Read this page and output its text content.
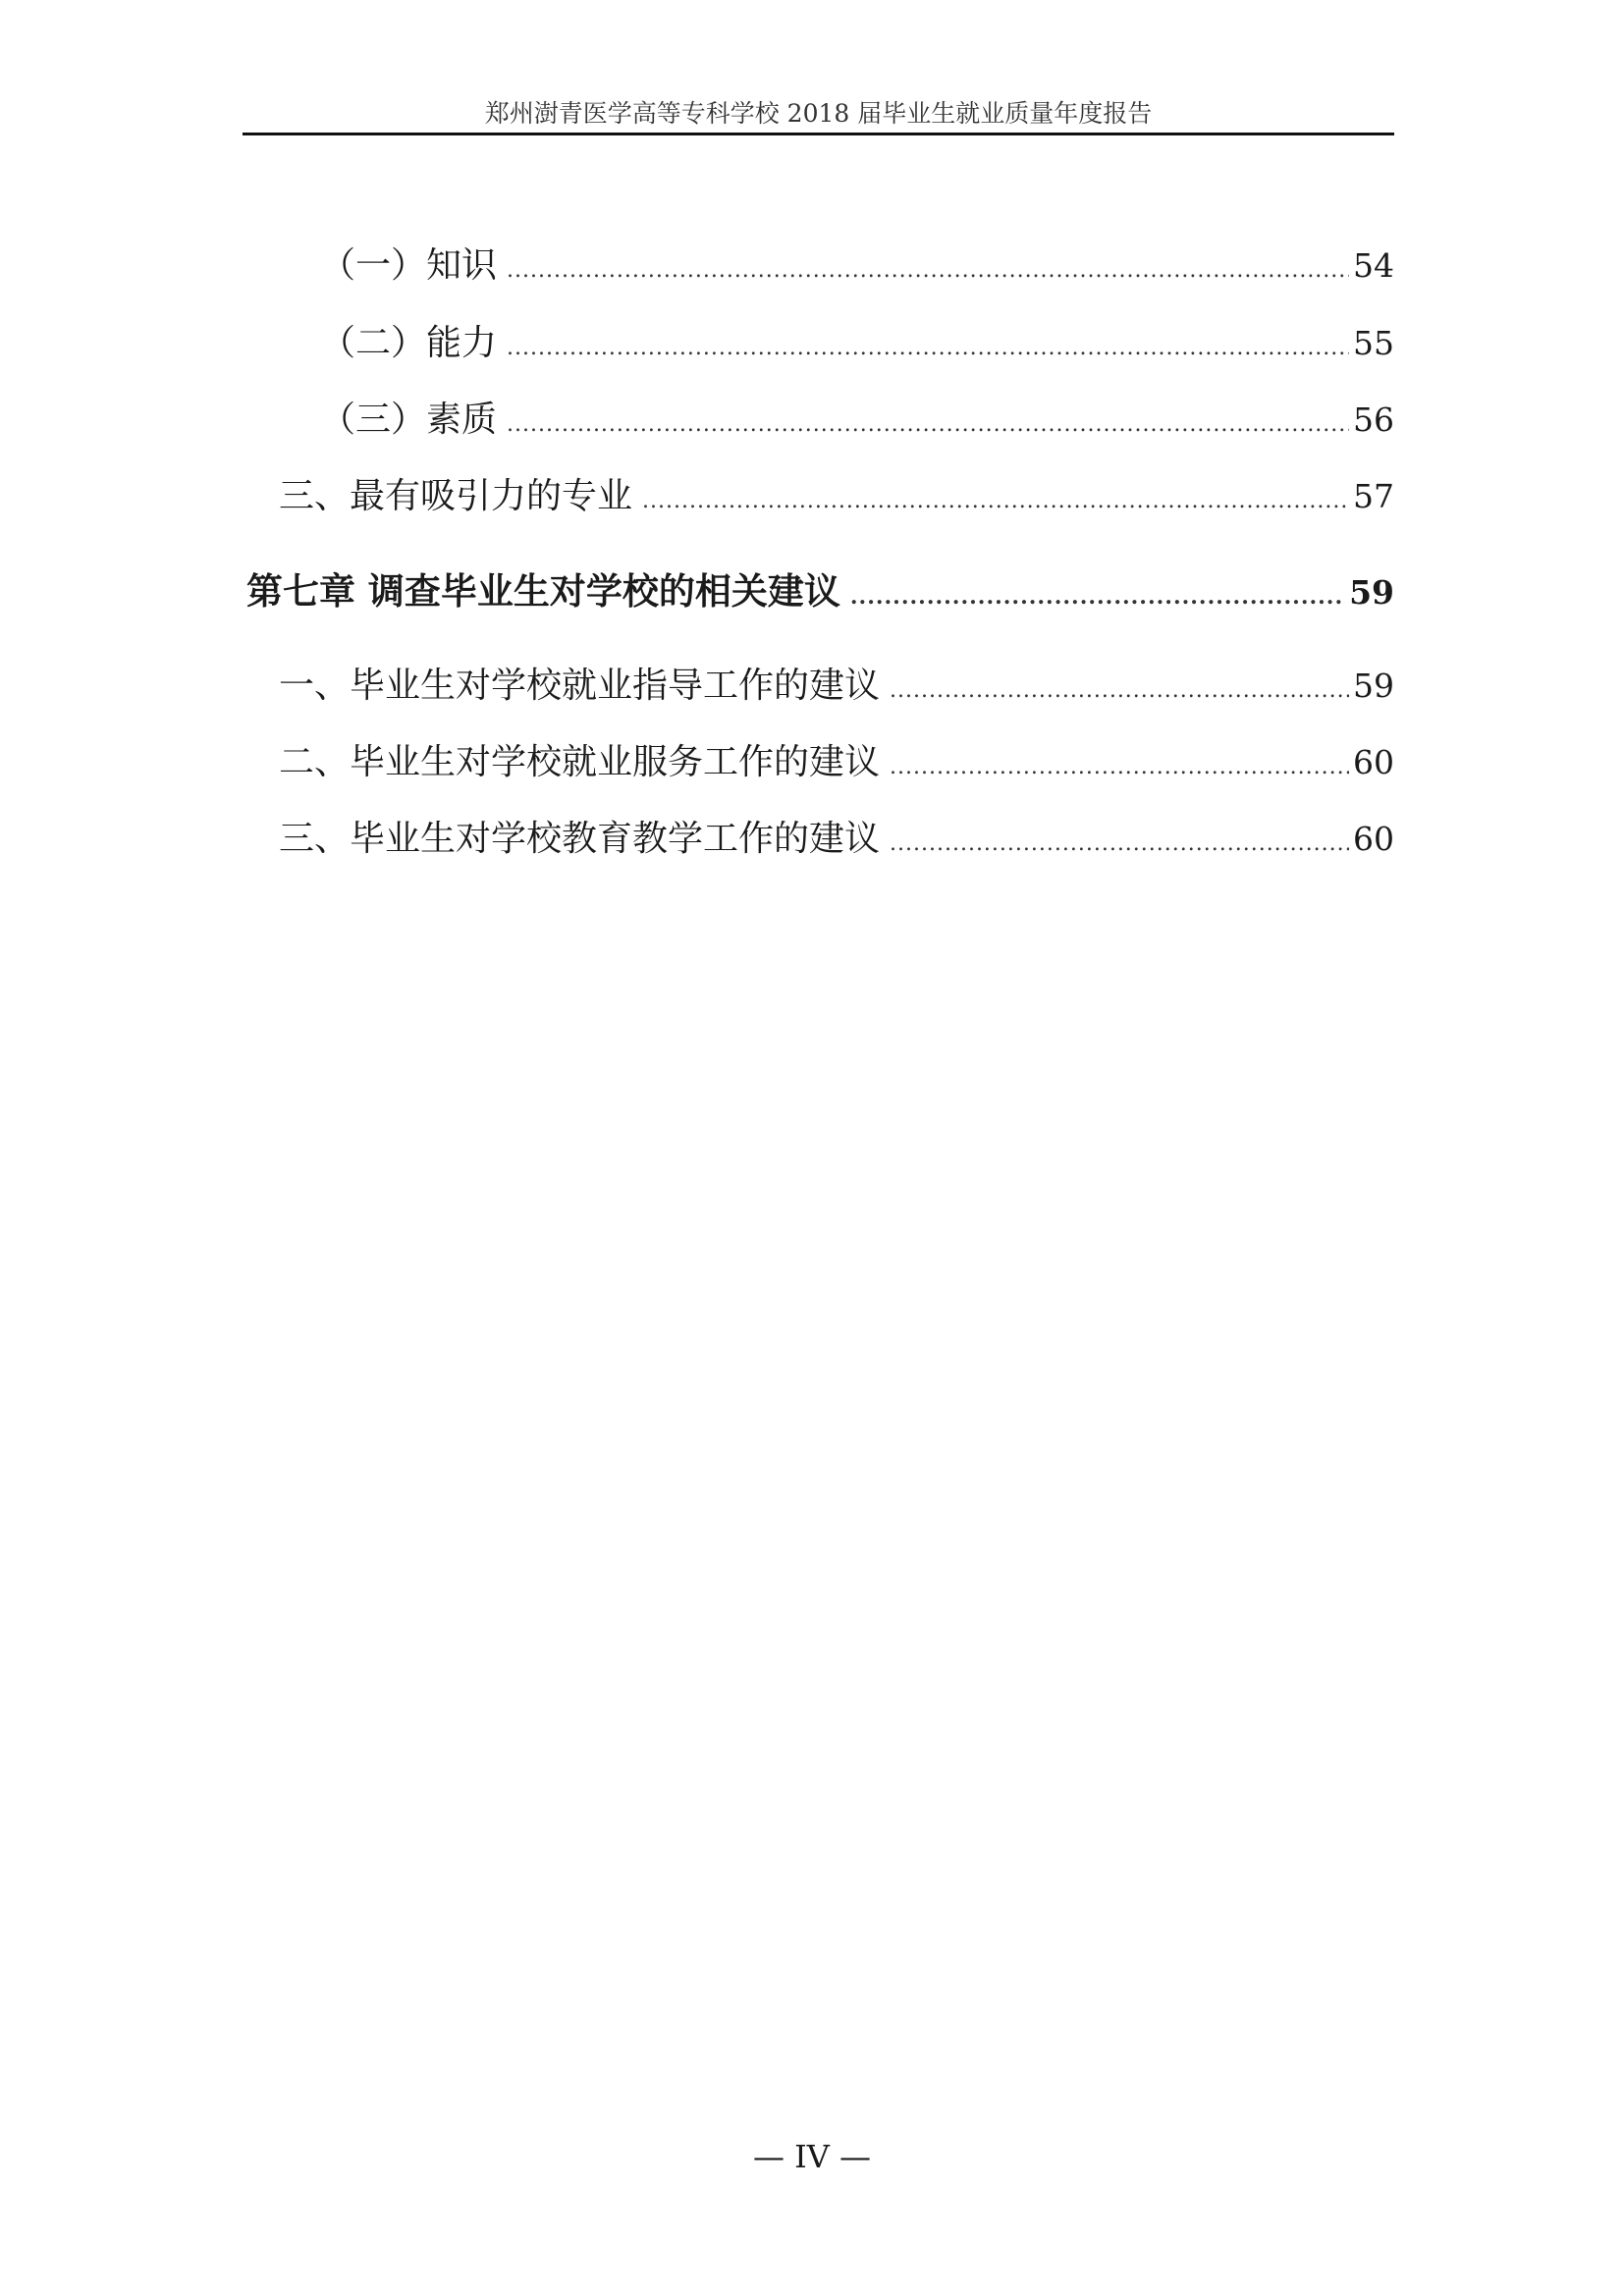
郑州澍青医学高等专科学校 2018 届毕业生就业质量年度报告
（一）知识 .....	54
（二）能力 .....	55
（三）素质 .....	56
三、最有吸引力的专业 .....	57
第七章 调查毕业生对学校的相关建议 .....	59
一、毕业生对学校就业指导工作的建议 .....	59
二、毕业生对学校就业服务工作的建议 .....	60
三、毕业生对学校教育教学工作的建议 .....	60
— IV —
